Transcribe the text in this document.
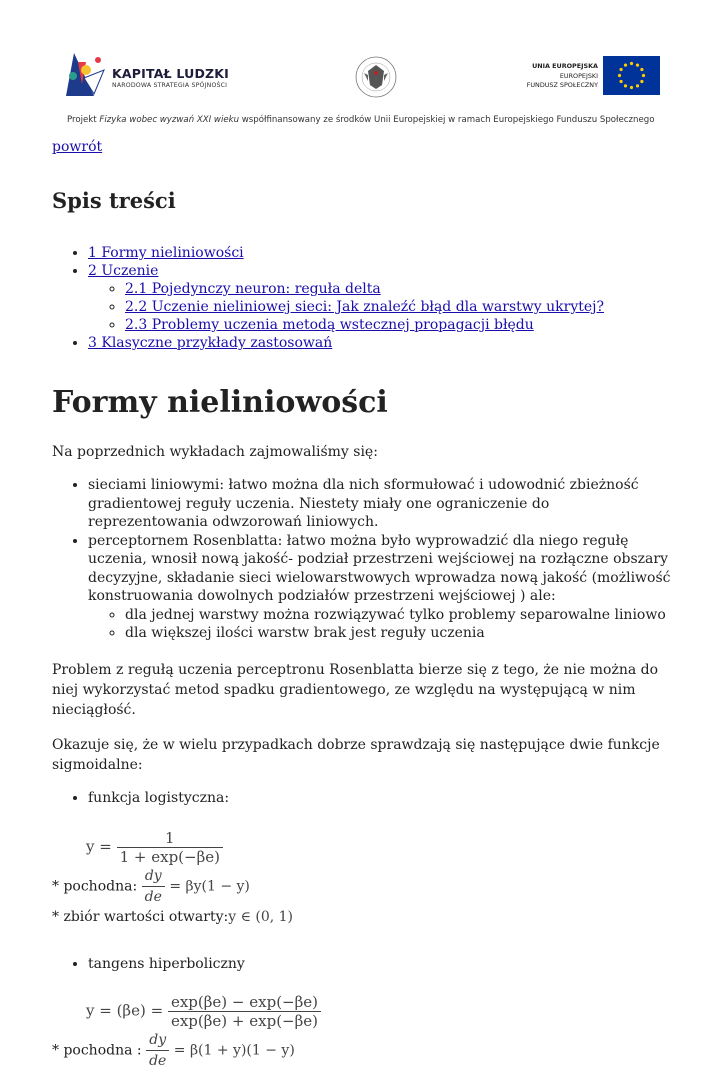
KAPITAŁ LUDZKI
NARODOWA STRATEGIA SPÓJNOŚCI
UNIA EUROPEJSKA
EUROPEJSKI
FUNDUSZ SPOŁECZNY
Projekt Fizyka wobec wyzwań XXI wieku współfinansowany ze środków Unii Europejskiej w ramach Europejskiego Funduszu Społecznego
powrót
Spis treści
• 1 Formy nieliniowości
• 2 Uczenie
◦ 2.1 Pojedynczy neuron: reguła delta
◦ 2.2 Uczenie nieliniowej sieci: Jak znaleźć błąd dla warstwy ukrytej?
◦ 2.3 Problemy uczenia metodą wstecznej propagacji błędu
• 3 Klasyczne przykłady zastosowań
Formy nieliniowości

Na poprzednich wykładach zajmowaliśmy się:

• sieciami liniowymi: łatwo można dla nich sformułować i udowodnić zbieżność gradientowej reguły uczenia. Niestety miały one ograniczenie do reprezentowania odwzorowań liniowych.
• perceptornem Rosenblatta: łatwo można było wyprowadzić dla niego regułę uczenia, wnosił nową jakość- podział przestrzeni wejściowej na rozłączne obszary decyzyjne, składanie sieci wielowarstwowych wprowadza nową jakość (możliwość konstruowania dowolnych podziałów przestrzeni wejściowej ) ale:
◦ dla jednej warstwy można rozwiązywać tylko problemy separowalne liniowo
◦ dla większej ilości warstw brak jest reguły uczenia

Problem z regułą uczenia perceptronu Rosenblatta bierze się z tego, że nie można do niej wykorzystać metod spadku gradientowego, ze względu na występującą w nim nieciągłość.

Okazuje się, że w wielu przypadkach dobrze sprawdzają się następujące dwie funkcje sigmoidalne:

• funkcja logistyczna:
$y = \frac{1}{1 + \exp(-\beta e)}$
* pochodna: $\frac{dy}{de} = \beta y(1 - y)$
* zbiór wartości otwarty:y ∈ (0, 1)
• tangens hiperboliczny
$y = (\beta e) = \frac{\exp(\beta e) - \exp(-\beta e)}{\exp(\beta e) + \exp(-\beta e)}$
* pochodna : $\frac{dy}{de} = \beta(1 + y)(1 - y)$
